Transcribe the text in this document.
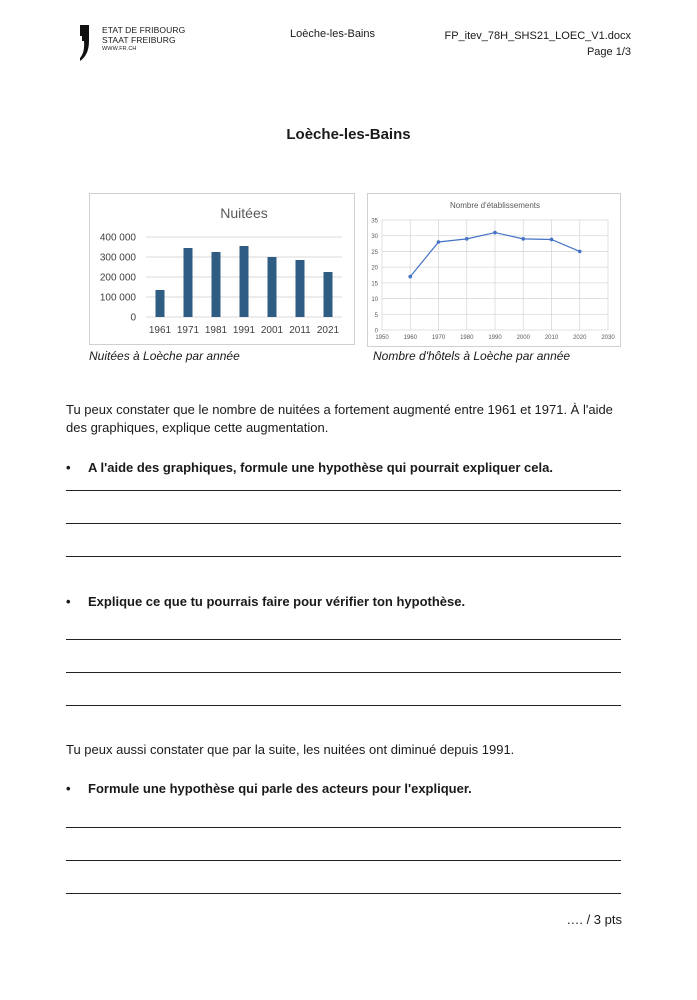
ETAT DE FRIBOURG
STAAT FREIBURG
WWW.FR.CH
Loèche-les-Bains	FP_itev_78H_SHS21_LOEC_V1.docx
Page 1/3
Loèche-les-Bains
Nuitées
0
100 000
200 000
300 000
400 000
1961 1971 1981 1991 2001 2011 2021
Nombre d'établissements
0
5
10
15
20
25
30
35
1950 1960 1970 1980 1990 2000 2010 2020 2030
Nuitées à Loèche par année	Nombre d'hôtels à Loèche par année
Tu peux constater que le nombre de nuitées a fortement augmenté entre 1961 et 1971. À l'aide des graphiques, explique cette augmentation.
• A l'aide des graphiques, formule une hypothèse qui pourrait expliquer cela.
• Explique ce que tu pourrais faire pour vérifier ton hypothèse.
Tu peux aussi constater que par la suite, les nuitées ont diminué depuis 1991.
• Formule une hypothèse qui parle des acteurs pour l'expliquer.
…. / 3 pts
